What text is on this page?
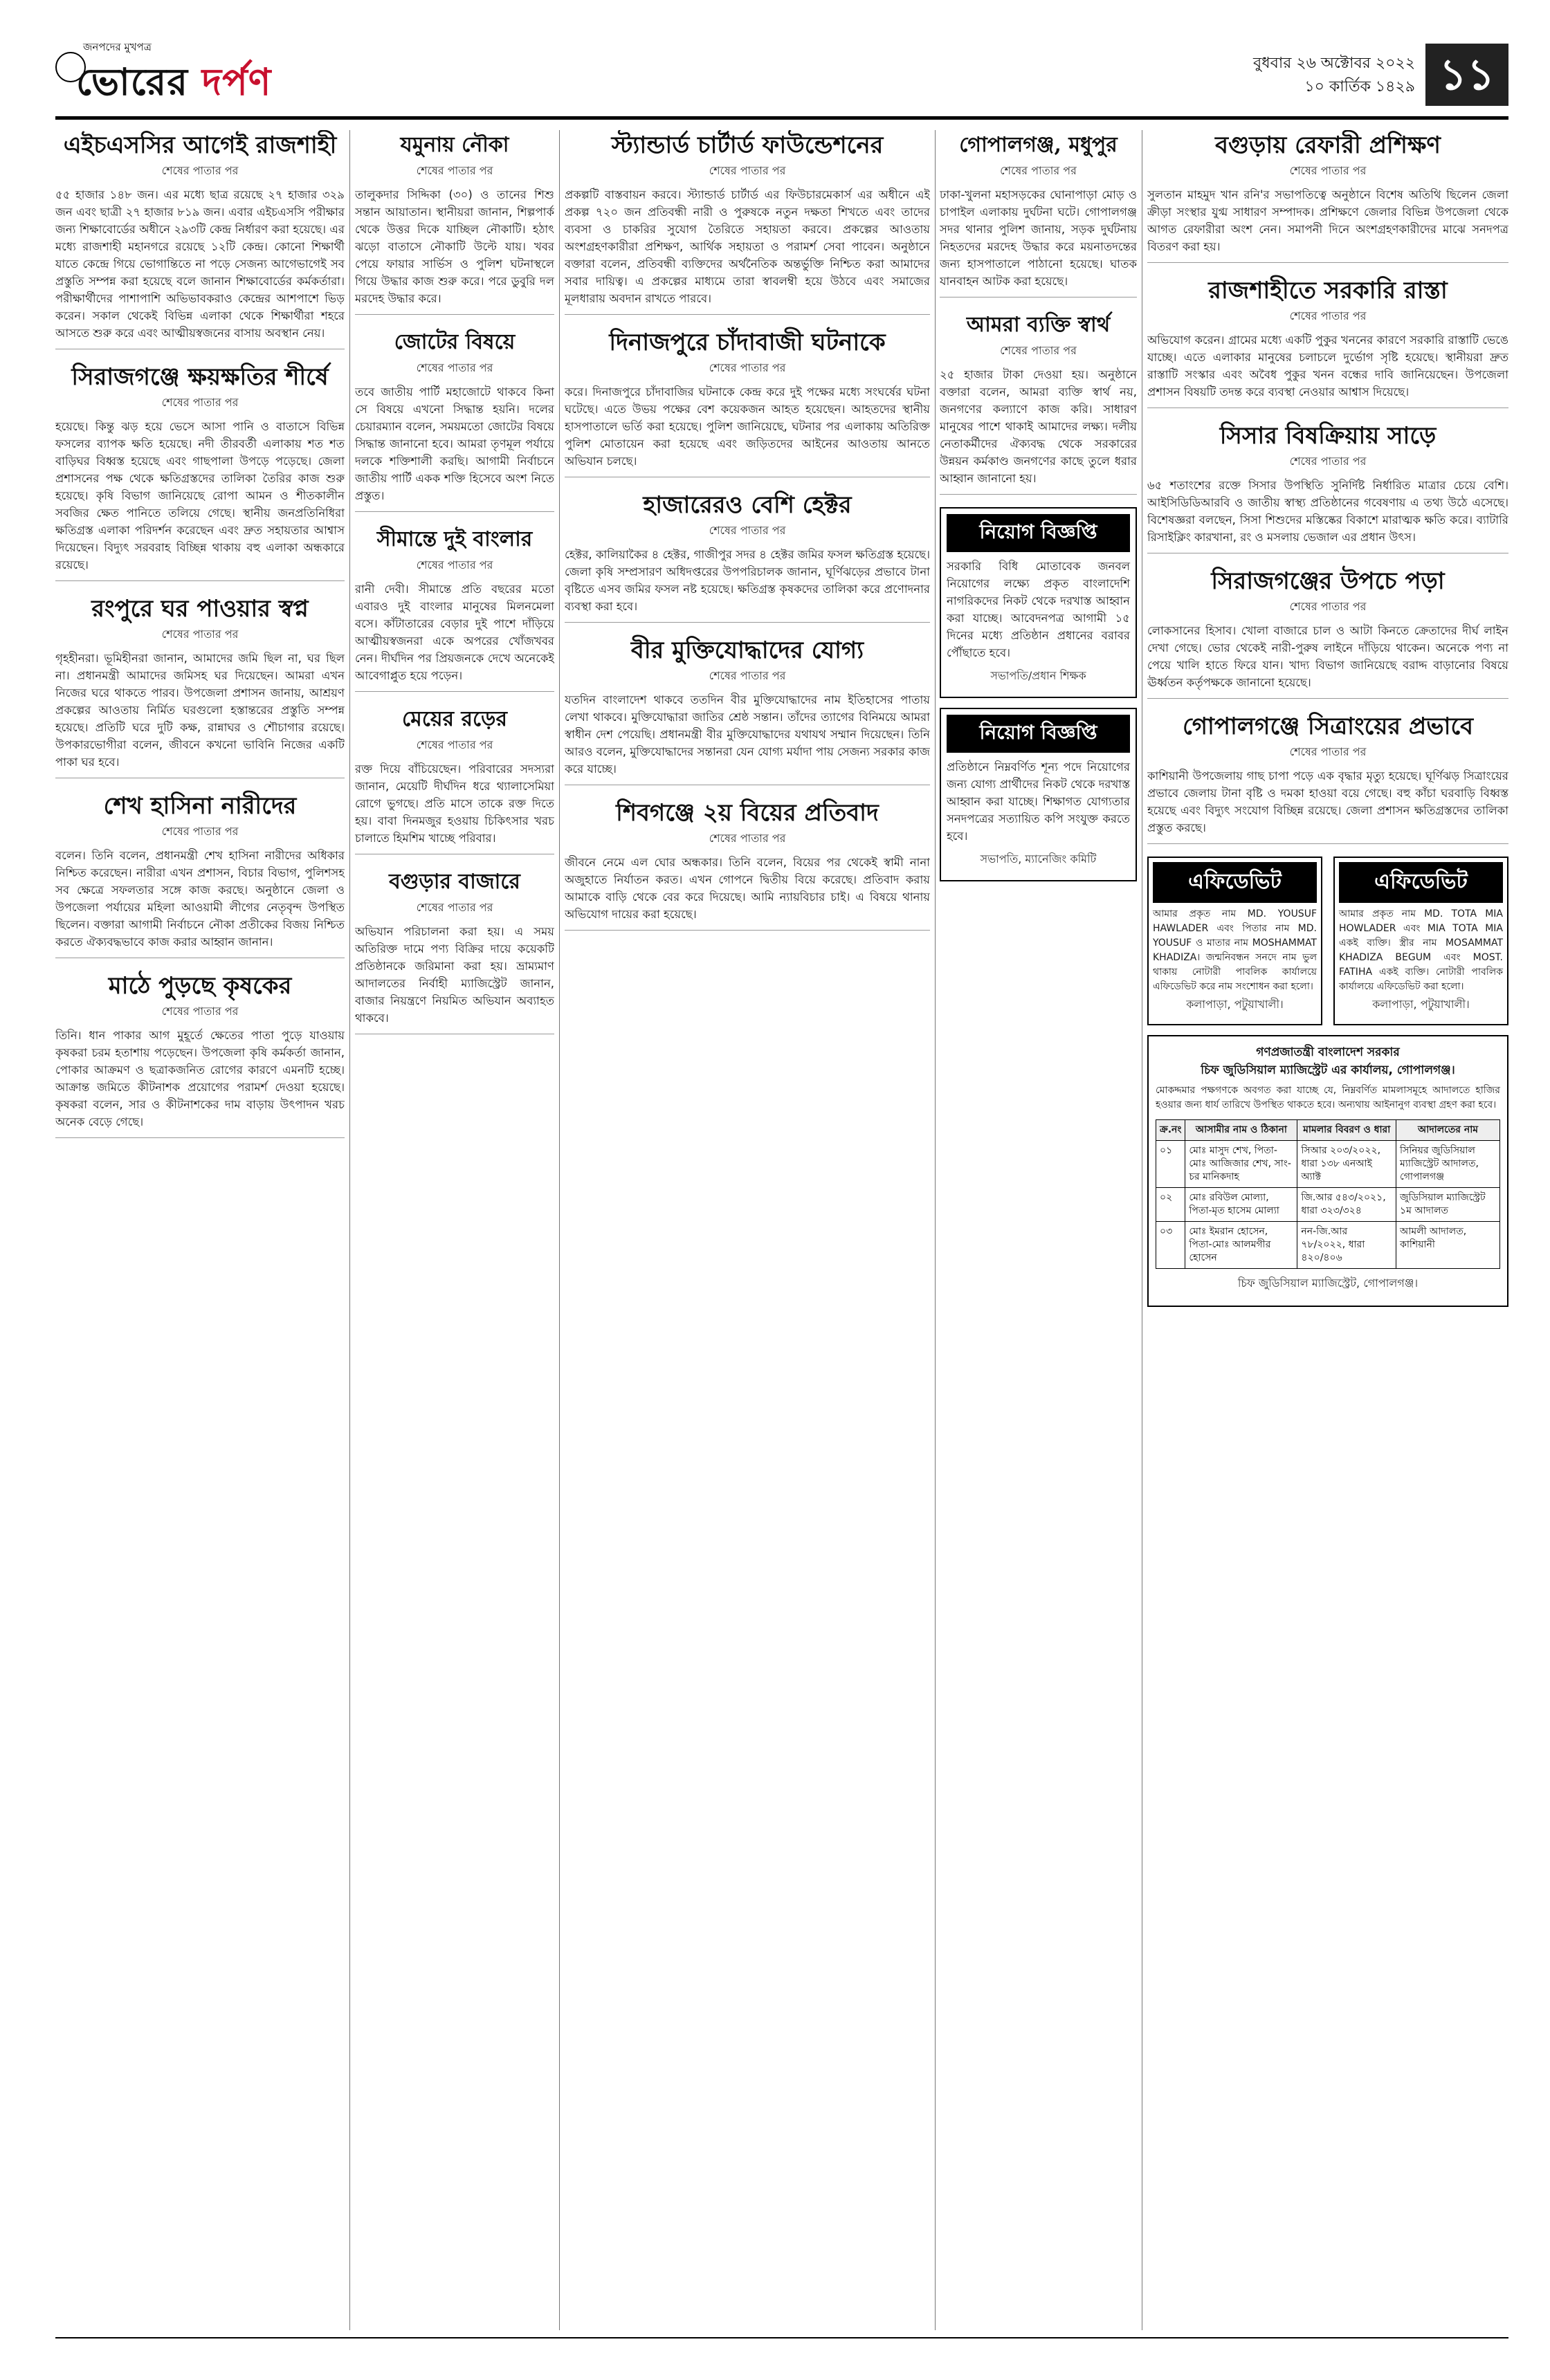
জনপদের মুখপত্র
ভোরের দর্পণ	বুধবার ২৬ অক্টোবর ২০২২
১০ কার্তিক ১৪২৯ ১১
এইচএসসির আগেই রাজশাহী
শেষের পাতার পর
৫৫ হাজার ১৪৮ জন। এর মধ্যে ছাত্র রয়েছে ২৭ হাজার ৩২৯ জন এবং ছাত্রী ২৭ হাজার ৮১৯ জন। এবার এইচএসসি পরীক্ষার জন্য শিক্ষাবোর্ডের অধীনে ২৯৩টি কেন্দ্র নির্ধারণ করা হয়েছে। এর মধ্যে রাজশাহী মহানগরে রয়েছে ১২টি কেন্দ্র। কোনো শিক্ষার্থী যাতে কেন্দ্রে গিয়ে ভোগান্তিতে না পড়ে সেজন্য আগেভাগেই সব প্রস্তুতি সম্পন্ন করা হয়েছে বলে জানান শিক্ষাবোর্ডের কর্মকর্তারা। পরীক্ষার্থীদের পাশাপাশি অভিভাবকরাও কেন্দ্রের আশপাশে ভিড় করেন। সকাল থেকেই বিভিন্ন এলাকা থেকে শিক্ষার্থীরা শহরে আসতে শুরু করে এবং আত্মীয়স্বজনের বাসায় অবস্থান নেয়।
সিরাজগঞ্জে ক্ষয়ক্ষতির শীর্ষে
শেষের পাতার পর
হয়েছে। কিন্তু ঝড় হয়ে ভেসে আসা পানি ও বাতাসে বিভিন্ন ফসলের ব্যাপক ক্ষতি হয়েছে। নদী তীরবর্তী এলাকায় শত শত বাড়িঘর বিধ্বস্ত হয়েছে এবং গাছপালা উপড়ে পড়েছে। জেলা প্রশাসনের পক্ষ থেকে ক্ষতিগ্রস্তদের তালিকা তৈরির কাজ শুরু হয়েছে। কৃষি বিভাগ জানিয়েছে রোপা আমন ও শীতকালীন সবজির ক্ষেত পানিতে তলিয়ে গেছে। স্থানীয় জনপ্রতিনিধিরা ক্ষতিগ্রস্ত এলাকা পরিদর্শন করেছেন এবং দ্রুত সহায়তার আশ্বাস দিয়েছেন। বিদ্যুৎ সরবরাহ বিচ্ছিন্ন থাকায় বহু এলাকা অন্ধকারে রয়েছে।
রংপুরে ঘর পাওয়ার স্বপ্ন
শেষের পাতার পর
গৃহহীনরা। ভূমিহীনরা জানান, আমাদের জমি ছিল না, ঘর ছিল না। প্রধানমন্ত্রী আমাদের জমিসহ ঘর দিয়েছেন। আমরা এখন নিজের ঘরে থাকতে পারব। উপজেলা প্রশাসন জানায়, আশ্রয়ণ প্রকল্পের আওতায় নির্মিত ঘরগুলো হস্তান্তরের প্রস্তুতি সম্পন্ন হয়েছে। প্রতিটি ঘরে দুটি কক্ষ, রান্নাঘর ও শৌচাগার রয়েছে। উপকারভোগীরা বলেন, জীবনে কখনো ভাবিনি নিজের একটি পাকা ঘর হবে।
শেখ হাসিনা নারীদের
শেষের পাতার পর
বলেন। তিনি বলেন, প্রধানমন্ত্রী শেখ হাসিনা নারীদের অধিকার নিশ্চিত করেছেন। নারীরা এখন প্রশাসন, বিচার বিভাগ, পুলিশসহ সব ক্ষেত্রে সফলতার সঙ্গে কাজ করছে। অনুষ্ঠানে জেলা ও উপজেলা পর্যায়ের মহিলা আওয়ামী লীগের নেতৃবৃন্দ উপস্থিত ছিলেন। বক্তারা আগামী নির্বাচনে নৌকা প্রতীকের বিজয় নিশ্চিত করতে ঐক্যবদ্ধভাবে কাজ করার আহ্বান জানান।
মাঠে পুড়ছে কৃষকের
শেষের পাতার পর
তিনি। ধান পাকার আগ মুহূর্তে ক্ষেতের পাতা পুড়ে যাওয়ায় কৃষকরা চরম হতাশায় পড়েছেন। উপজেলা কৃষি কর্মকর্তা জানান, পোকার আক্রমণ ও ছত্রাকজনিত রোগের কারণে এমনটি হচ্ছে। আক্রান্ত জমিতে কীটনাশক প্রয়োগের পরামর্শ দেওয়া হয়েছে। কৃষকরা বলেন, সার ও কীটনাশকের দাম বাড়ায় উৎপাদন খরচ অনেক বেড়ে গেছে।
যমুনায় নৌকা
শেষের পাতার পর
তালুকদার সিদ্দিকা (৩০) ও তানের শিশু সন্তান আয়াতান। স্থানীয়রা জানান, শিল্পপার্ক থেকে উত্তর দিকে যাচ্ছিল নৌকাটি। হঠাৎ ঝড়ো বাতাসে নৌকাটি উল্টে যায়। খবর পেয়ে ফায়ার সার্ভিস ও পুলিশ ঘটনাস্থলে গিয়ে উদ্ধার কাজ শুরু করে। পরে ডুবুরি দল মরদেহ উদ্ধার করে।
জোটের বিষয়ে
শেষের পাতার পর
তবে জাতীয় পার্টি মহাজোটে থাকবে কিনা সে বিষয়ে এখনো সিদ্ধান্ত হয়নি। দলের চেয়ারম্যান বলেন, সময়মতো জোটের বিষয়ে সিদ্ধান্ত জানানো হবে। আমরা তৃণমূল পর্যায়ে দলকে শক্তিশালী করছি। আগামী নির্বাচনে জাতীয় পার্টি একক শক্তি হিসেবে অংশ নিতে প্রস্তুত।
সীমান্তে দুই বাংলার
শেষের পাতার পর
রানী দেবী। সীমান্তে প্রতি বছরের মতো এবারও দুই বাংলার মানুষের মিলনমেলা বসে। কাঁটাতারের বেড়ার দুই পাশে দাঁড়িয়ে আত্মীয়স্বজনরা একে অপরের খোঁজখবর নেন। দীর্ঘদিন পর প্রিয়জনকে দেখে অনেকেই আবেগাপ্লুত হয়ে পড়েন।
মেয়ের রড়ের
শেষের পাতার পর
রক্ত দিয়ে বাঁচিয়েছেন। পরিবারের সদস্যরা জানান, মেয়েটি দীর্ঘদিন ধরে থ্যালাসেমিয়া রোগে ভুগছে। প্রতি মাসে তাকে রক্ত দিতে হয়। বাবা দিনমজুর হওয়ায় চিকিৎসার খরচ চালাতে হিমশিম খাচ্ছে পরিবার।
বগুড়ার বাজারে
শেষের পাতার পর
অভিযান পরিচালনা করা হয়। এ সময় অতিরিক্ত দামে পণ্য বিক্রির দায়ে কয়েকটি প্রতিষ্ঠানকে জরিমানা করা হয়। ভ্রাম্যমাণ আদালতের নির্বাহী ম্যাজিস্ট্রেট জানান, বাজার নিয়ন্ত্রণে নিয়মিত অভিযান অব্যাহত থাকবে।
স্ট্যান্ডার্ড চার্টার্ড ফাউন্ডেশনের
শেষের পাতার পর
প্রকল্পটি বাস্তবায়ন করবে। স্ট্যান্ডার্ড চার্টার্ড এর ফিউচারমেকার্স এর অধীনে এই প্রকল্প ৭২০ জন প্রতিবন্ধী নারী ও পুরুষকে নতুন দক্ষতা শিখতে এবং তাদের ব্যবসা ও চাকরির সুযোগ তৈরিতে সহায়তা করবে। প্রকল্পের আওতায় অংশগ্রহণকারীরা প্রশিক্ষণ, আর্থিক সহায়তা ও পরামর্শ সেবা পাবেন। অনুষ্ঠানে বক্তারা বলেন, প্রতিবন্ধী ব্যক্তিদের অর্থনৈতিক অন্তর্ভুক্তি নিশ্চিত করা আমাদের সবার দায়িত্ব। এ প্রকল্পের মাধ্যমে তারা স্বাবলম্বী হয়ে উঠবে এবং সমাজের মূলধারায় অবদান রাখতে পারবে।
দিনাজপুরে চাঁদাবাজী ঘটনাকে
শেষের পাতার পর
করে। দিনাজপুরে চাঁদাবাজির ঘটনাকে কেন্দ্র করে দুই পক্ষের মধ্যে সংঘর্ষের ঘটনা ঘটেছে। এতে উভয় পক্ষের বেশ কয়েকজন আহত হয়েছেন। আহতদের স্থানীয় হাসপাতালে ভর্তি করা হয়েছে। পুলিশ জানিয়েছে, ঘটনার পর এলাকায় অতিরিক্ত পুলিশ মোতায়েন করা হয়েছে এবং জড়িতদের আইনের আওতায় আনতে অভিযান চলছে।
হাজারেরও বেশি হেক্টর
শেষের পাতার পর
হেক্টর, কালিয়াকৈর ৪ হেক্টর, গাজীপুর সদর ৪ হেক্টর জমির ফসল ক্ষতিগ্রস্ত হয়েছে। জেলা কৃষি সম্প্রসারণ অধিদপ্তরের উপপরিচালক জানান, ঘূর্ণিঝড়ের প্রভাবে টানা বৃষ্টিতে এসব জমির ফসল নষ্ট হয়েছে। ক্ষতিগ্রস্ত কৃষকদের তালিকা করে প্রণোদনার ব্যবস্থা করা হবে।
বীর মুক্তিযোদ্ধাদের যোগ্য
শেষের পাতার পর
যতদিন বাংলাদেশ থাকবে ততদিন বীর মুক্তিযোদ্ধাদের নাম ইতিহাসের পাতায় লেখা থাকবে। মুক্তিযোদ্ধারা জাতির শ্রেষ্ঠ সন্তান। তাঁদের ত্যাগের বিনিময়ে আমরা স্বাধীন দেশ পেয়েছি। প্রধানমন্ত্রী বীর মুক্তিযোদ্ধাদের যথাযথ সম্মান দিয়েছেন। তিনি আরও বলেন, মুক্তিযোদ্ধাদের সন্তানরা যেন যোগ্য মর্যাদা পায় সেজন্য সরকার কাজ করে যাচ্ছে।
শিবগঞ্জে ২য় বিয়ের প্রতিবাদ
শেষের পাতার পর
জীবনে নেমে এল ঘোর অন্ধকার। তিনি বলেন, বিয়ের পর থেকেই স্বামী নানা অজুহাতে নির্যাতন করত। এখন গোপনে দ্বিতীয় বিয়ে করেছে। প্রতিবাদ করায় আমাকে বাড়ি থেকে বের করে দিয়েছে। আমি ন্যায়বিচার চাই। এ বিষয়ে থানায় অভিযোগ দায়ের করা হয়েছে।
গোপালগঞ্জ, মধুপুর
শেষের পাতার পর
ঢাকা-খুলনা মহাসড়কের ঘোনাপাড়া মোড় ও চাপাইল এলাকায় দুর্ঘটনা ঘটে। গোপালগঞ্জ সদর থানার পুলিশ জানায়, সড়ক দুর্ঘটনায় নিহতদের মরদেহ উদ্ধার করে ময়নাতদন্তের জন্য হাসপাতালে পাঠানো হয়েছে। ঘাতক যানবাহন আটক করা হয়েছে।
আমরা ব্যক্তি স্বার্থ
শেষের পাতার পর
২৫ হাজার টাকা দেওয়া হয়। অনুষ্ঠানে বক্তারা বলেন, আমরা ব্যক্তি স্বার্থ নয়, জনগণের কল্যাণে কাজ করি। সাধারণ মানুষের পাশে থাকাই আমাদের লক্ষ্য। দলীয় নেতাকর্মীদের ঐক্যবদ্ধ থেকে সরকারের উন্নয়ন কর্মকাণ্ড জনগণের কাছে তুলে ধরার আহ্বান জানানো হয়।
নিয়োগ বিজ্ঞপ্তি
সরকারি বিধি মোতাবেক জনবল নিয়োগের লক্ষ্যে প্রকৃত বাংলাদেশি নাগরিকদের নিকট থেকে দরখাস্ত আহ্বান করা যাচ্ছে। আবেদনপত্র আগামী ১৫ দিনের মধ্যে প্রতিষ্ঠান প্রধানের বরাবর পৌঁছাতে হবে।
সভাপতি/প্রধান শিক্ষক
নিয়োগ বিজ্ঞপ্তি
প্রতিষ্ঠানে নিম্নবর্ণিত শূন্য পদে নিয়োগের জন্য যোগ্য প্রার্থীদের নিকট থেকে দরখাস্ত আহ্বান করা যাচ্ছে। শিক্ষাগত যোগ্যতার সনদপত্রের সত্যায়িত কপি সংযুক্ত করতে হবে।
সভাপতি, ম্যানেজিং কমিটি
বগুড়ায় রেফারী প্রশিক্ষণ
শেষের পাতার পর
সুলতান মাহমুদ খান রনি'র সভাপতিত্বে অনুষ্ঠানে বিশেষ অতিথি ছিলেন জেলা ক্রীড়া সংস্থার যুগ্ম সাধারণ সম্পাদক। প্রশিক্ষণে জেলার বিভিন্ন উপজেলা থেকে আগত রেফারীরা অংশ নেন। সমাপনী দিনে অংশগ্রহণকারীদের মাঝে সনদপত্র বিতরণ করা হয়।
রাজশাহীতে সরকারি রাস্তা
শেষের পাতার পর
অভিযোগ করেন। গ্রামের মধ্যে একটি পুকুর খননের কারণে সরকারি রাস্তাটি ভেঙে যাচ্ছে। এতে এলাকার মানুষের চলাচলে দুর্ভোগ সৃষ্টি হয়েছে। স্থানীয়রা দ্রুত রাস্তাটি সংস্কার এবং অবৈধ পুকুর খনন বন্ধের দাবি জানিয়েছেন। উপজেলা প্রশাসন বিষয়টি তদন্ত করে ব্যবস্থা নেওয়ার আশ্বাস দিয়েছে।
সিসার বিষক্রিয়ায় সাড়ে
শেষের পাতার পর
৬৫ শতাংশের রক্তে সিসার উপস্থিতি সুনির্দিষ্ট নির্ধারিত মাত্রার চেয়ে বেশি। আইসিডিডিআরবি ও জাতীয় স্বাস্থ্য প্রতিষ্ঠানের গবেষণায় এ তথ্য উঠে এসেছে। বিশেষজ্ঞরা বলছেন, সিসা শিশুদের মস্তিষ্কের বিকাশে মারাত্মক ক্ষতি করে। ব্যাটারি রিসাইক্লিং কারখানা, রং ও মসলায় ভেজাল এর প্রধান উৎস।
সিরাজগঞ্জের উপচে পড়া
শেষের পাতার পর
লোকসানের হিসাব। খোলা বাজারে চাল ও আটা কিনতে ক্রেতাদের দীর্ঘ লাইন দেখা গেছে। ভোর থেকেই নারী-পুরুষ লাইনে দাঁড়িয়ে থাকেন। অনেকে পণ্য না পেয়ে খালি হাতে ফিরে যান। খাদ্য বিভাগ জানিয়েছে বরাদ্দ বাড়ানোর বিষয়ে ঊর্ধ্বতন কর্তৃপক্ষকে জানানো হয়েছে।
গোপালগঞ্জে সিত্রাংয়ের প্রভাবে
শেষের পাতার পর
কাশিয়ানী উপজেলায় গাছ চাপা পড়ে এক বৃদ্ধার মৃত্যু হয়েছে। ঘূর্ণিঝড় সিত্রাংয়ের প্রভাবে জেলায় টানা বৃষ্টি ও দমকা হাওয়া বয়ে গেছে। বহু কাঁচা ঘরবাড়ি বিধ্বস্ত হয়েছে এবং বিদ্যুৎ সংযোগ বিচ্ছিন্ন রয়েছে। জেলা প্রশাসন ক্ষতিগ্রস্তদের তালিকা প্রস্তুত করছে।
এফিডেভিট
আমার প্রকৃত নাম MD. YOUSUF HAWLADER এবং পিতার নাম MD. YOUSUF ও মাতার নাম MOSHAMMAT KHADIZA। জন্মনিবন্ধন সনদে নাম ভুল থাকায় নোটারী পাবলিক কার্যালয়ে এফিডেভিট করে নাম সংশোধন করা হলো।
কলাপাড়া, পটুয়াখালী।
এফিডেভিট
আমার প্রকৃত নাম MD. TOTA MIA HOWLADER এবং MIA TOTA MIA একই ব্যক্তি। স্ত্রীর নাম MOSAMMAT KHADIZA BEGUM এবং MOST. FATIHA একই ব্যক্তি। নোটারী পাবলিক কার্যালয়ে এফিডেভিট করা হলো।
কলাপাড়া, পটুয়াখালী।
গণপ্রজাতন্ত্রী বাংলাদেশ সরকার
চিফ জুডিসিয়াল ম্যাজিস্ট্রেট এর কার্যালয়, গোপালগঞ্জ।
মোকদ্দমার পক্ষগণকে অবগত করা যাচ্ছে যে, নিম্নবর্ণিত মামলাসমূহে আদালতে হাজির হওয়ার জন্য ধার্য তারিখে উপস্থিত থাকতে হবে। অন্যথায় আইনানুগ ব্যবস্থা গ্রহণ করা হবে।
ক্র.নং	আসামীর নাম ও ঠিকানা	মামলার বিবরণ ও ধারা	আদালতের নাম
০১	মোঃ মাসুদ শেখ, পিতা-মোঃ আজিজার শেখ, সাং-চর মানিকদাহ	সিআর ২০৩/২০২২, ধারা ১৩৮ এনআই অ্যাক্ট	সিনিয়র জুডিসিয়াল ম্যাজিস্ট্রেট আদালত, গোপালগঞ্জ
০২	মোঃ রবিউল মোল্যা, পিতা-মৃত হাসেম মোল্যা	জি.আর ৫৪৩/২০২১, ধারা ৩২৩/৩২৪	জুডিসিয়াল ম্যাজিস্ট্রেট ১ম আদালত
০৩	মোঃ ইমরান হোসেন, পিতা-মোঃ আলমগীর হোসেন	নন-জি.আর ৭৮/২০২২, ধারা ৪২০/৪০৬	আমলী আদালত, কাশিয়ানী
চিফ জুডিসিয়াল ম্যাজিস্ট্রেট, গোপালগঞ্জ।
